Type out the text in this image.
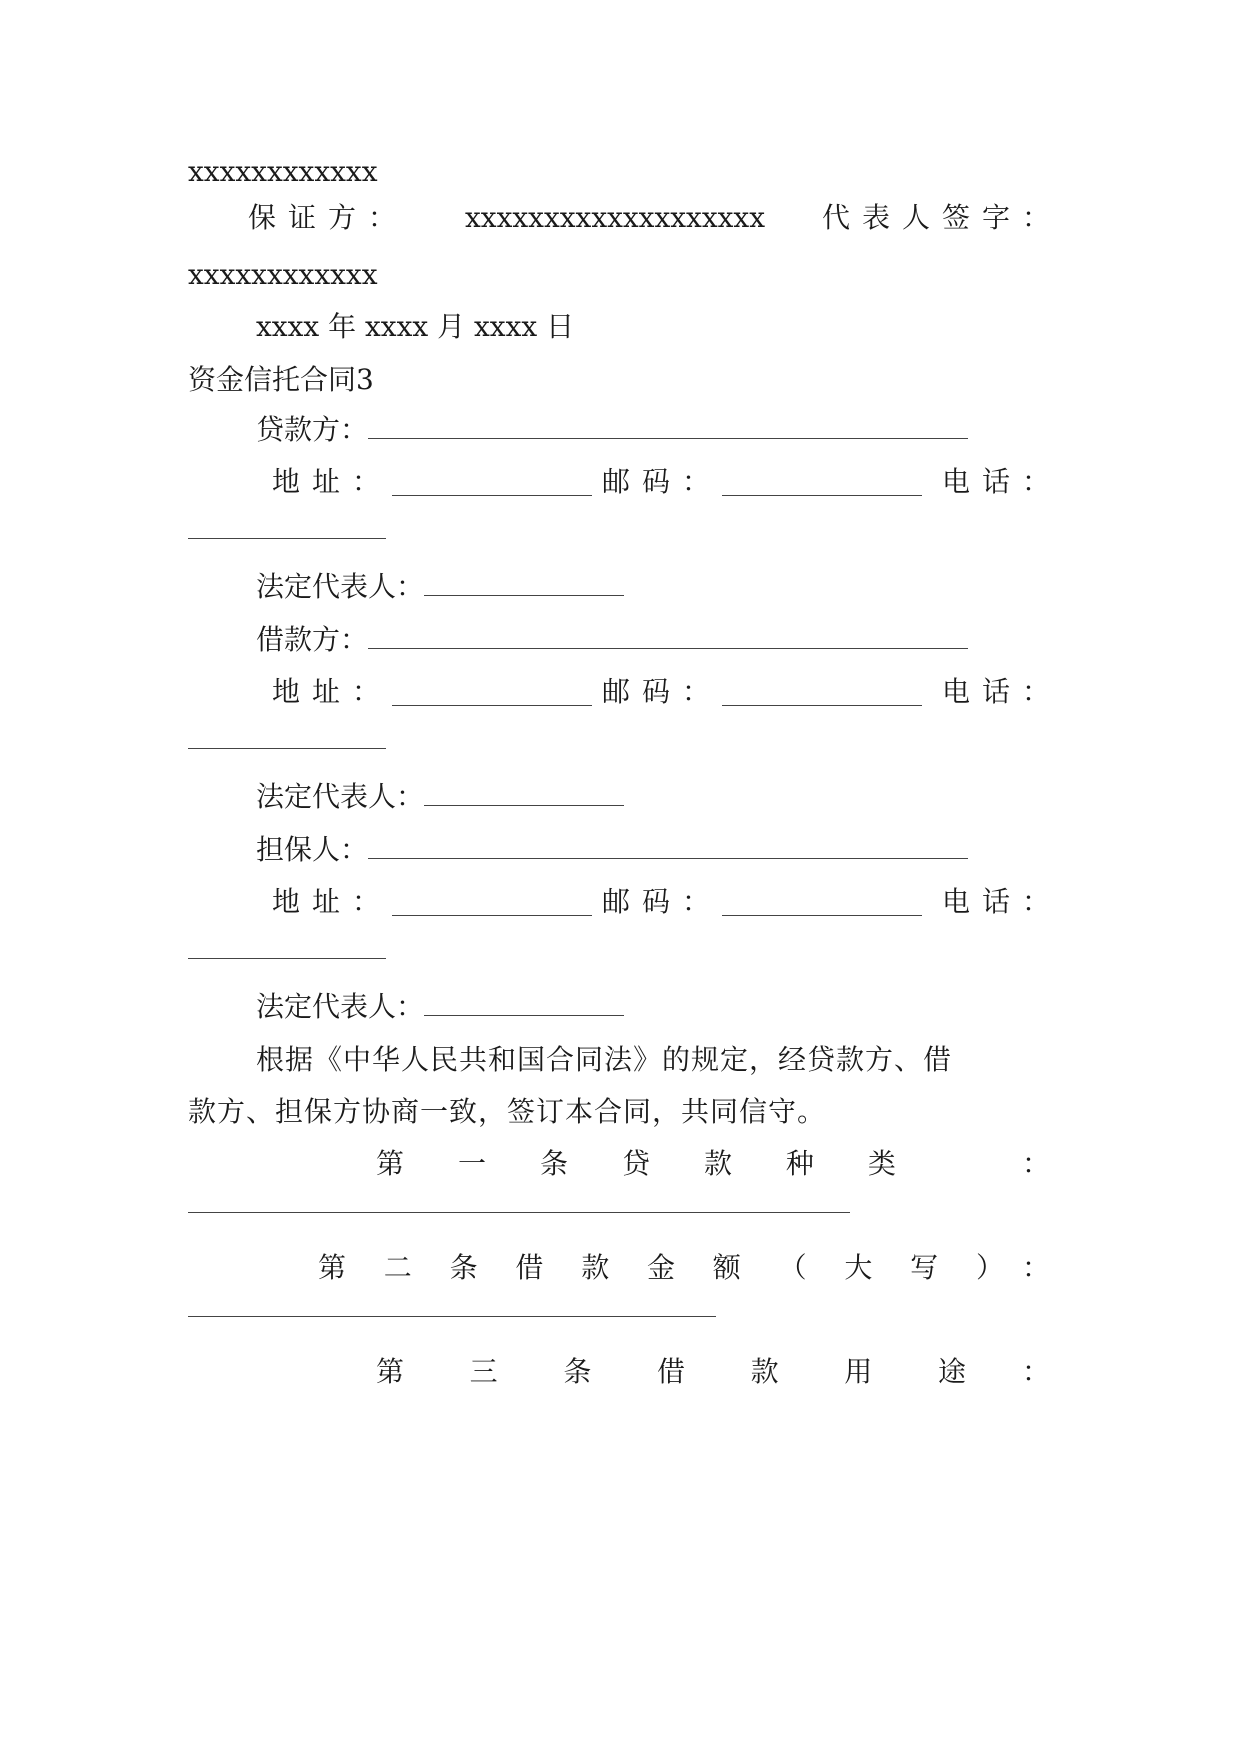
xxxxxxxxxxxx
保证方： xxxxxxxxxxxxxxxxxxx 代表人签字：
xxxxxxxxxxxx
xxxx 年 xxxx 月 xxxx 日
资金信托合同3
贷款方：
地址：	邮码：	电话：
法定代表人：
借款方：
地址：	邮码：	电话：
法定代表人：
担保人：
地址：	邮码：	电话：
法定代表人：
根据《中华人民共和国合同法》的规定，经贷款方、借
款方、担保方协商一致，签订本合同，共同信守。
第 一 条 贷 款 种 类	：
第 二 条 借 款 金 额 （ 大 写 ） ：
第 三 条 借 款 用 途 ：
